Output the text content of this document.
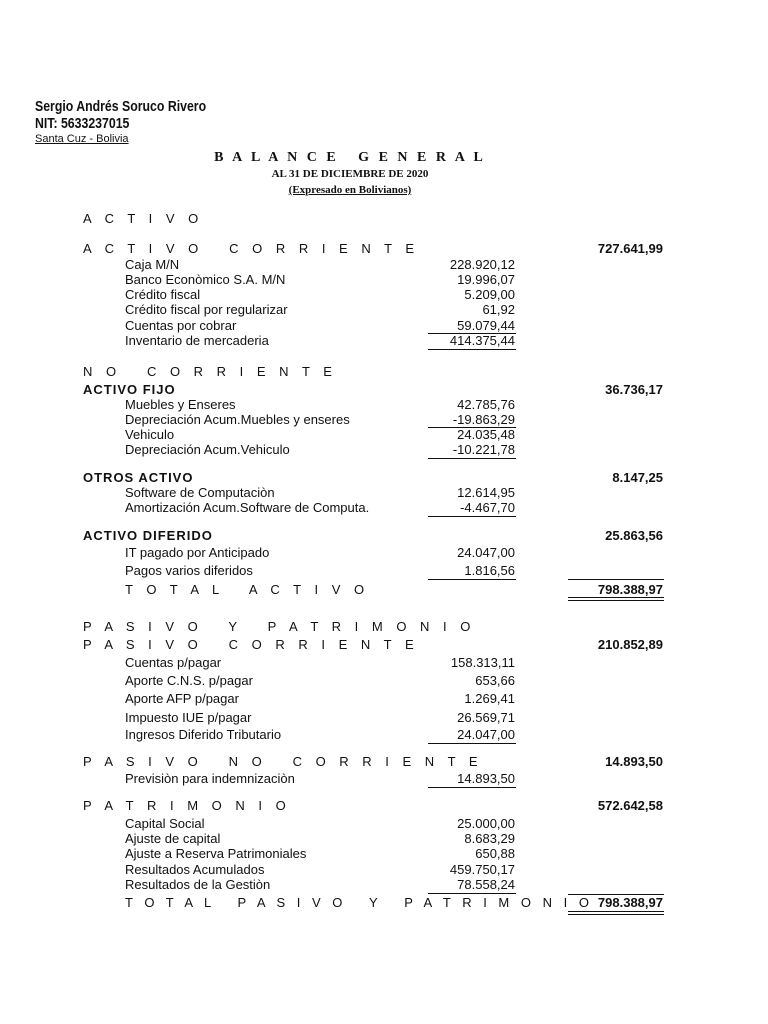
Sergio Andrés Soruco Rivero
NIT: 5633237015
Santa Cuz - Bolivia
B A L A N C E   G E N E R A L
AL 31 DE DICIEMBRE DE 2020
(Expresado en Bolivianos)
A C T I V O
A C T I V O   C O R R I E N T E	727.641,99
Caja M/N	228.920,12
Banco Econòmico S.A. M/N	19.996,07
Crédito fiscal	5.209,00
Crédito fiscal por regularizar	61,92
Cuentas por cobrar	59.079,44
Inventario de mercaderia	414.375,44
N O   C O R R I E N T E
ACTIVO FIJO	36.736,17
Muebles y Enseres	42.785,76
Depreciación Acum.Muebles y enseres	-19.863,29
Vehiculo	24.035,48
Depreciación Acum.Vehiculo	-10.221,78
OTROS ACTIVO	8.147,25
Software de Computaciòn	12.614,95
Amortización Acum.Software de Computa.	-4.467,70
ACTIVO DIFERIDO	25.863,56
IT pagado por Anticipado	24.047,00
Pagos varios diferidos	1.816,56
T O T A L   A C T I V O	798.388,97
P A S I V O   Y   P A T R I M O N I O
P A S I V O   C O R R I E N T E	210.852,89
Cuentas p/pagar	158.313,11
Aporte C.N.S. p/pagar	653,66
Aporte AFP p/pagar	1.269,41
Impuesto IUE p/pagar	26.569,71
Ingresos Diferido Tributario	24.047,00
P A S I V O   N O   C O R R I E N T E	14.893,50
Previsiòn para indemnizaciòn	14.893,50
P A T R I M O N I O	572.642,58
Capital Social	25.000,00
Ajuste de capital	8.683,29
Ajuste a Reserva Patrimoniales	650,88
Resultados Acumulados	459.750,17
Resultados de la Gestiòn	78.558,24
T O T A L   P A S I V O   Y   P A T R I M O N I O 798.388,97
